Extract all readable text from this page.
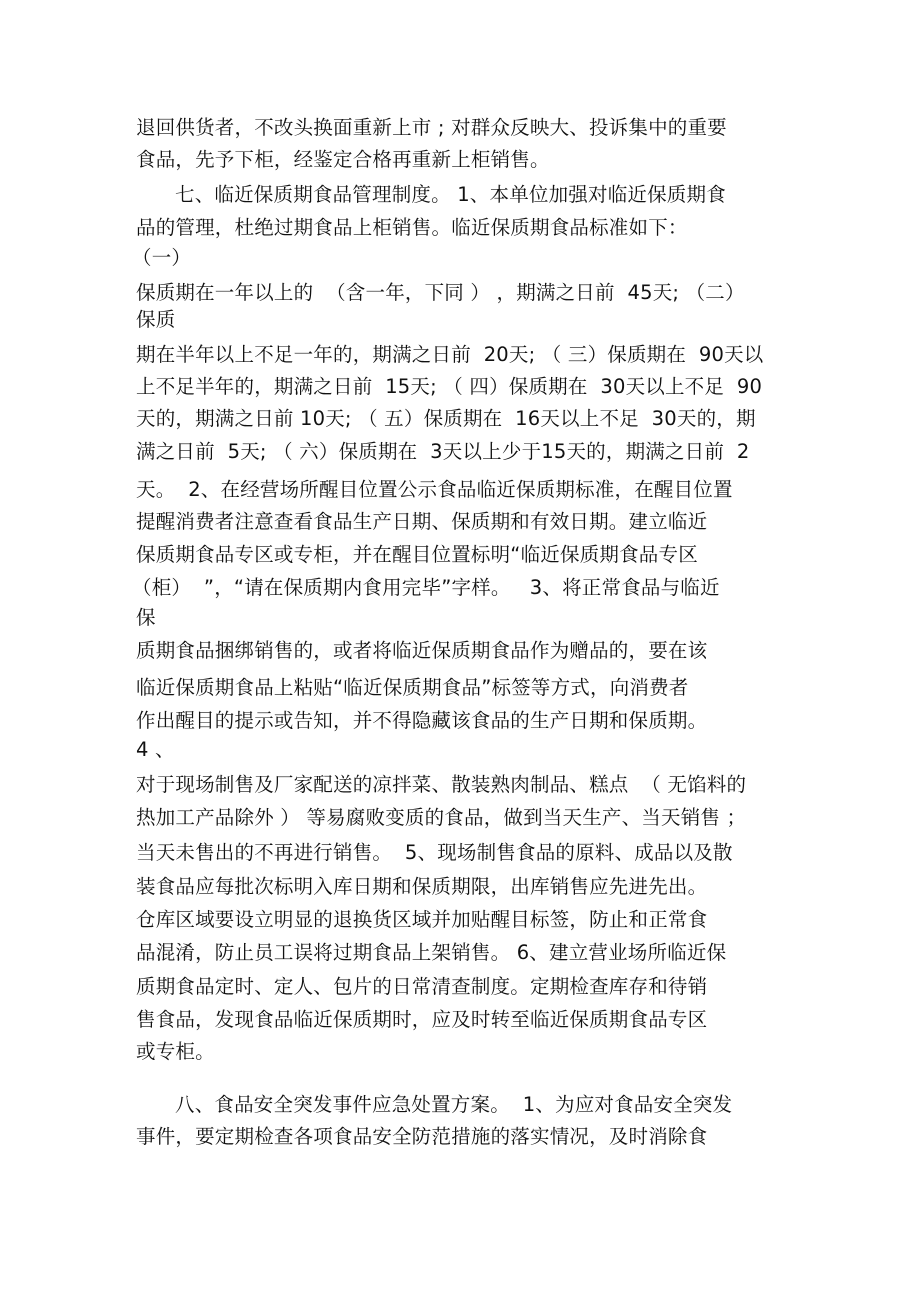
退回供货者，不改头换面重新上市 ; 对群众反映大、投诉集中的重要
食品，先予下柜，经鉴定合格再重新上柜销售。
七、临近保质期食品管理制度。 1、本单位加强对临近保质期食
品的管理，杜绝过期食品上柜销售。临近保质期食品标准如下：
（一）
保质期在一年以上的  （含一年，下同 ） ，期满之日前  45天; （二）
保质
期在半年以上不足一年的，期满之日前  20天; （ 三）保质期在  90天以
上不足半年的，期满之日前  15天; （ 四）保质期在  30天以上不足  90
天的，期满之日前 10天; （ 五）保质期在  16天以上不足  30天的，期
满之日前  5天; （ 六）保质期在  3天以上少于15天的，期满之日前  2
天。  2、在经营场所醒目位置公示食品临近保质期标准，在醒目位置
提醒消费者注意查看食品生产日期、保质期和有效日期。建立临近
保质期食品专区或专柜，并在醒目位置标明“临近保质期食品专区
（柜）  ”，“请在保质期内食用完毕”字样。   3、将正常食品与临近
保
质期食品捆绑销售的，或者将临近保质期食品作为赠品的，要在该
临近保质期食品上粘贴“临近保质期食品”标签等方式，向消费者
作出醒目的提示或告知，并不得隐藏该食品的生产日期和保质期。
4 、
对于现场制售及厂家配送的凉拌菜、散装熟肉制品、糕点  （ 无馅料的
热加工产品除外 ） 等易腐败变质的食品，做到当天生产、当天销售 ；
当天未售出的不再进行销售。  5、现场制售食品的原料、成品以及散
装食品应每批次标明入库日期和保质期限，出库销售应先进先出。
仓库区域要设立明显的退换货区域并加贴醒目标签，防止和正常食
品混淆，防止员工误将过期食品上架销售。 6、建立营业场所临近保
质期食品定时、定人、包片的日常清查制度。定期检查库存和待销
售食品，发现食品临近保质期时，应及时转至临近保质期食品专区
或专柜。
八、食品安全突发事件应急处置方案。  1、为应对食品安全突发
事件，要定期检查各项食品安全防范措施的落实情况，及时消除食
